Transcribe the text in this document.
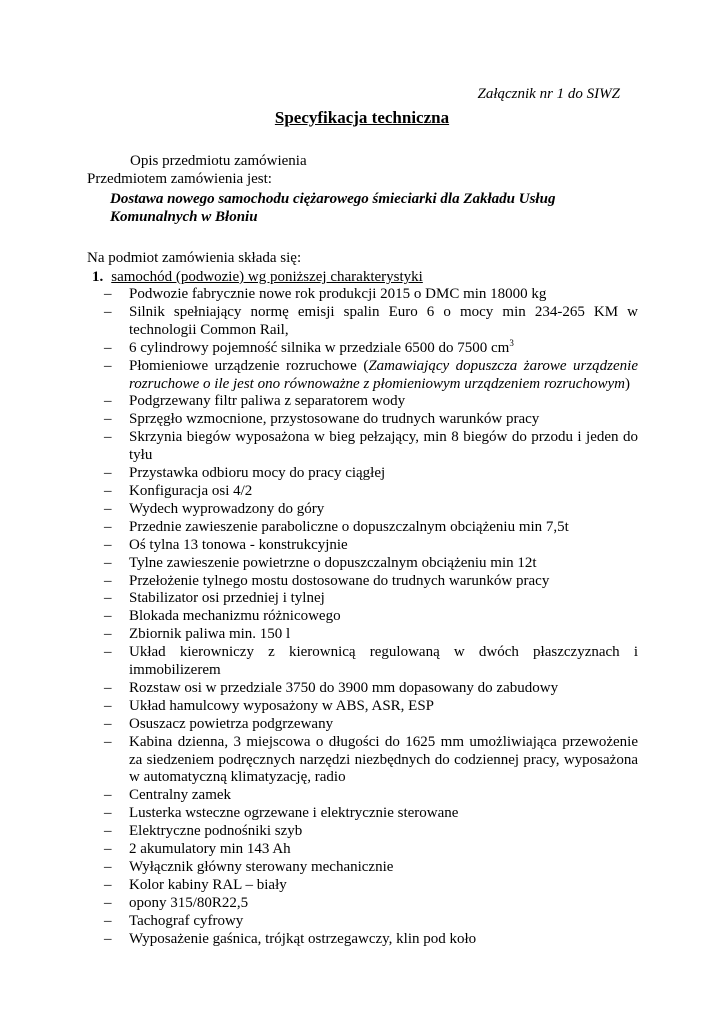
Załącznik nr 1 do SIWZ
Specyfikacja techniczna
Opis przedmiotu zamówienia
Przedmiotem zamówienia jest:
Dostawa nowego samochodu ciężarowego śmieciarki dla Zakładu Usług Komunalnych w Błoniu
Na podmiot zamówienia składa się:
1. samochód (podwozie) wg poniższej charakterystyki
– Podwozie fabrycznie nowe rok produkcji 2015 o DMC min 18000 kg
– Silnik spełniający normę emisji spalin Euro 6 o mocy min 234-265 KM w technologii Common Rail,
– 6 cylindrowy pojemność silnika w przedziale 6500 do 7500 $cm^3$
– Płomieniowe urządzenie rozruchowe (Zamawiający dopuszcza żarowe urządzenie rozruchowe o ile jest ono równoważne z płomieniowym urządzeniem rozruchowym)
– Podgrzewany filtr paliwa z separatorem wody
– Sprzęgło wzmocnione, przystosowane do trudnych warunków pracy
– Skrzynia biegów wyposażona w bieg pełzający, min 8 biegów do przodu i jeden do tyłu
– Przystawka odbioru mocy do pracy ciągłej
– Konfiguracja osi 4/2
– Wydech wyprowadzony do góry
– Przednie zawieszenie paraboliczne o dopuszczalnym obciążeniu min 7,5t
– Oś tylna 13 tonowa - konstrukcyjnie
– Tylne zawieszenie powietrzne o dopuszczalnym obciążeniu min 12t
– Przełożenie tylnego mostu dostosowane do trudnych warunków pracy
– Stabilizator osi przedniej i tylnej
– Blokada mechanizmu różnicowego
– Zbiornik paliwa min. 150 l
– Układ kierowniczy z kierownicą regulowaną w dwóch płaszczyznach i immobilizerem
– Rozstaw osi w przedziale 3750 do 3900 mm dopasowany do zabudowy
– Układ hamulcowy wyposażony w ABS, ASR, ESP
– Osuszacz powietrza podgrzewany
– Kabina dzienna, 3 miejscowa o długości do 1625 mm umożliwiająca przewożenie za siedzeniem podręcznych narzędzi niezbędnych do codziennej pracy, wyposażona w automatyczną klimatyzację, radio
– Centralny zamek
– Lusterka wsteczne ogrzewane i elektrycznie sterowane
– Elektryczne podnośniki szyb
– 2 akumulatory min 143 Ah
– Wyłącznik główny sterowany mechanicznie
– Kolor kabiny RAL – biały
– opony 315/80R22,5
– Tachograf cyfrowy
– Wyposażenie gaśnica, trójkąt ostrzegawczy, klin pod koło
